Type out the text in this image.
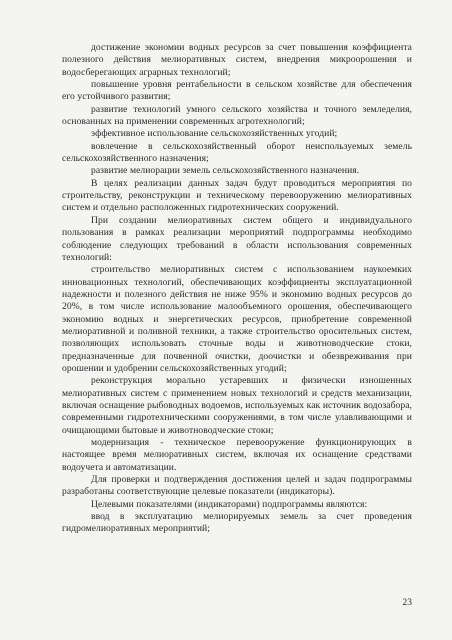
достижение экономии водных ресурсов за счет повышения коэффициента полезного действия мелиоративных систем, внедрения микроорошения и водосберегающих аграрных технологий;

повышение уровня рентабельности в сельском хозяйстве для обеспечения его устойчивого развития;

развитие технологий умного сельского хозяйства и точного земледелия, основанных на применении современных агротехнологий;

эффективное использование сельскохозяйственных угодий;

вовлечение в сельскохозяйственный оборот неиспользуемых земель сельскохозяйственного назначения;

развитие мелиорации земель сельскохозяйственного назначения.

В целях реализации данных задач будут проводиться мероприятия по строительству, реконструкции и техническому перевооружению мелиоративных систем и отдельно расположенных гидротехнических сооружений.

При создании мелиоративных систем общего и индивидуального пользования в рамках реализации мероприятий подпрограммы необходимо соблюдение следующих требований в области использования современных технологий:

строительство мелиоративных систем с использованием наукоемких инновационных технологий, обеспечивающих коэффициенты эксплуатационной надежности и полезного действия не ниже 95% и экономию водных ресурсов до 20%, в том числе использование малообъемного орошения, обеспечивающего экономию водных и энергетических ресурсов, приобретение современной мелиоративной и поливной техники, а также строительство оросительных систем, позволяющих использовать сточные воды и животноводческие стоки, предназначенные для почвенной очистки, доочистки и обезвреживания при орошении и удобрении сельскохозяйственных угодий;

реконструкция морально устаревших и физически изношенных мелиоративных систем с применением новых технологий и средств механизации, включая оснащение рыбоводных водоемов, используемых как источник водозабора, современными гидротехническими сооружениями, в том числе улавливающими и очищающими бытовые и животноводческие стоки;

модернизация - техническое перевооружение функционирующих в настоящее время мелиоративных систем, включая их оснащение средствами водоучета и автоматизации.

Для проверки и подтверждения достижения целей и задач подпрограммы разработаны соответствующие целевые показатели (индикаторы).

Целевыми показателями (индикаторами) подпрограммы являются:

ввод в эксплуатацию мелиорируемых земель за счет проведения гидромелиоративных мероприятий;

23
